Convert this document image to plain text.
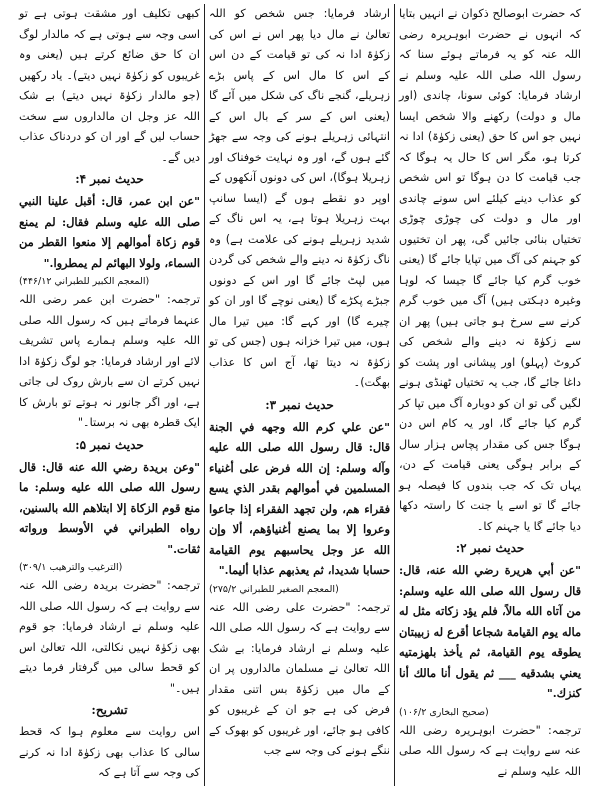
کہ حضرت ابوصالح ذکوان نے انہیں بتایا کہ انہوں نے حضرت ابوہریرہ رضی اللہ عنہ کو یہ فرماتے ہوئے سنا کہ رسول اللہ صلی اللہ علیہ وسلم نے ارشاد فرمایا: کوئی سونا، چاندی (اور مال و دولت) رکھنے والا شخص ایسا نہیں جو اس کا حق (یعنی زکوٰۃ) ادا نہ کرتا ہو، مگر اس کا حال یہ ہوگا کہ جب قیامت کا دن ہوگا تو اس شخص کو عذاب دینے کیلئے اس سونے چاندی اور مال و دولت کی چوڑی چوڑی تختیاں بنائی جائیں گی، پھر ان تختیوں کو جہنم کی آگ میں تپایا جائے گا (یعنی خوب گرم کیا جائے گا جیسا کہ لوہا وغیرہ دہکتی ہیں) آگ میں خوب گرم کرنے سے سرخ ہو جاتی ہیں) پھر ان سے زکوٰۃ نہ دینے والے شخص کی کروٹ (پہلو) اور پیشانی اور پشت کو داغا جائے گا، جب یہ تختیاں ٹھنڈی ہونے لگیں گی تو ان کو دوبارہ آگ میں تپا کر گرم کیا جائے گا، اور یہ کام اس دن ہوگا جس کی مقدار پچاس ہزار سال کے برابر ہوگی یعنی قیامت کے دن، یہاں تک کہ جب بندوں کا فیصلہ ہو جائے گا تو اسے یا جنت کا راستہ دکھا دیا جائے گا یا جہنم کا۔

حدیث نمبر ۲:

"عن أبي هريرة رضي الله عنه، قال: قال رسول الله صلى الله عليه وسلم: من آتاه الله مالاً، فلم يؤد زكاته مثل له ماله يوم القيامة شجاعا أقرع له زبيبتان يطوقه يوم القيامة، ثم يأخذ بلهزمتيه يعني بشدقيه ___ ثم يقول أنا مالك أنا كنزك."

(صحیح البخاری ۱۰۶/۲)

ترجمہ: "حضرت ابوہریرہ رضی اللہ عنہ سے روایت ہے کہ رسول اللہ صلی اللہ علیہ وسلم نے

ارشاد فرمایا: جس شخص کو اللہ تعالیٰ نے مال دیا پھر اس نے اس کی زکوٰۃ ادا نہ کی تو قیامت کے دن اس کے اس کا مال اس کے پاس بڑے زہریلے، گنجے ناگ کی شکل میں آئے گا (یعنی اس کے سر کے بال اس کے انتہائی زہریلے ہونے کی وجہ سے جھڑ گئے ہوں گے، اور وہ نہایت خوفناک اور زہریلا ہوگا)، اس کی دونوں آنکھوں کے اوپر دو نقطے ہوں گے (ایسا سانپ بہت زہریلا ہوتا ہے، یہ اس ناگ کے شدید زہریلے ہونے کی علامت ہے) وہ ناگ زکوٰۃ نہ دینے والے شخص کی گردن میں لپٹ جائے گا اور اس کے دونوں جبڑے پکڑے گا (یعنی نوچے گا اور ان کو چیرے گا) اور کہے گا: میں تیرا مال ہوں، میں تیرا خزانہ ہوں (جس کی تو زکوٰۃ نہ دیتا تھا، آج اس کا عذاب بھگت)۔

حدیث نمبر ۳:

"عن علي كرم الله وجهه في الجنة قال: قال رسول الله صلى الله عليه وآله وسلم: إن الله فرض على أغنياء المسلمين في أموالهم بقدر الذي يسع فقراء هم، ولن تجهد الفقراء إذا جاعوا وعروا إلا بما يصنع أغنياؤهم، ألا وإن الله عز وجل يحاسبهم يوم القيامة حسابا شديدا، ثم يعذبهم عذابا أليما."

(المعجم الصغير للطبراني ۲۷۵/۲)

ترجمہ: "حضرت علی رضی اللہ عنہ سے روایت ہے کہ رسول اللہ صلی اللہ علیہ وسلم نے ارشاد فرمایا: بے شک اللہ تعالیٰ نے مسلمان مالداروں پر ان کے مال میں زکوٰۃ بس اتنی مقدار فرض کی ہے جو ان کے غریبوں کو کافی ہو جائے، اور غریبوں کو بھوک کے ننگے ہونے کی وجہ سے جب

کبھی تکلیف اور مشقت ہوتی ہے تو اسی وجہ سے ہوتی ہے کہ مالدار لوگ ان کا حق ضائع کرتے ہیں (یعنی وہ غریبوں کو زکوٰۃ نہیں دیتے)۔ یاد رکھیں (جو مالدار زکوٰۃ نہیں دیتے) بے شک اللہ عز وجل ان مالداروں سے سخت حساب لیں گے اور ان کو دردناک عذاب دیں گے۔

حدیث نمبر ۴:

"عن ابن عمر، قال: أقبل علينا النبي صلى الله عليه وسلم فقال: لم يمنع قوم زكاة أموالهم إلا منعوا القطر من السماء، ولولا البهائم لم يمطروا."

(المعجم الكبير للطبراني ۴۴۶/۱۲)

ترجمہ: "حضرت ابن عمر رضی اللہ عنہما فرماتے ہیں کہ رسول اللہ صلی اللہ علیہ وسلم ہمارے پاس تشریف لائے اور ارشاد فرمایا: جو لوگ زکوٰۃ ادا نہیں کرتے ان سے بارش روک لی جاتی ہے، اور اگر جانور نہ ہوتے تو بارش کا ایک قطرہ بھی نہ برستا۔"

حدیث نمبر ۵:

"وعن بريدة رضي الله عنه قال: قال رسول الله صلى الله عليه وسلم: ما منع قوم الزكاة إلا ابتلاهم الله بالسنين، رواه الطبراني في الأوسط ورواته ثقات."

(الترغيب والترهيب ۳۰۹/۱)

ترجمہ: "حضرت بریدہ رضی اللہ عنہ سے روایت ہے کہ رسول اللہ صلی اللہ علیہ وسلم نے ارشاد فرمایا: جو قوم بھی زکوٰۃ نہیں نکالتی، اللہ تعالیٰ اس کو قحط سالی میں گرفتار فرما دیتے ہیں۔"

تشریح:

اس روایت سے معلوم ہوا کہ قحط سالی کا عذاب بھی زکوٰۃ ادا نہ کرنے کی وجہ سے آتا ہے کہ
